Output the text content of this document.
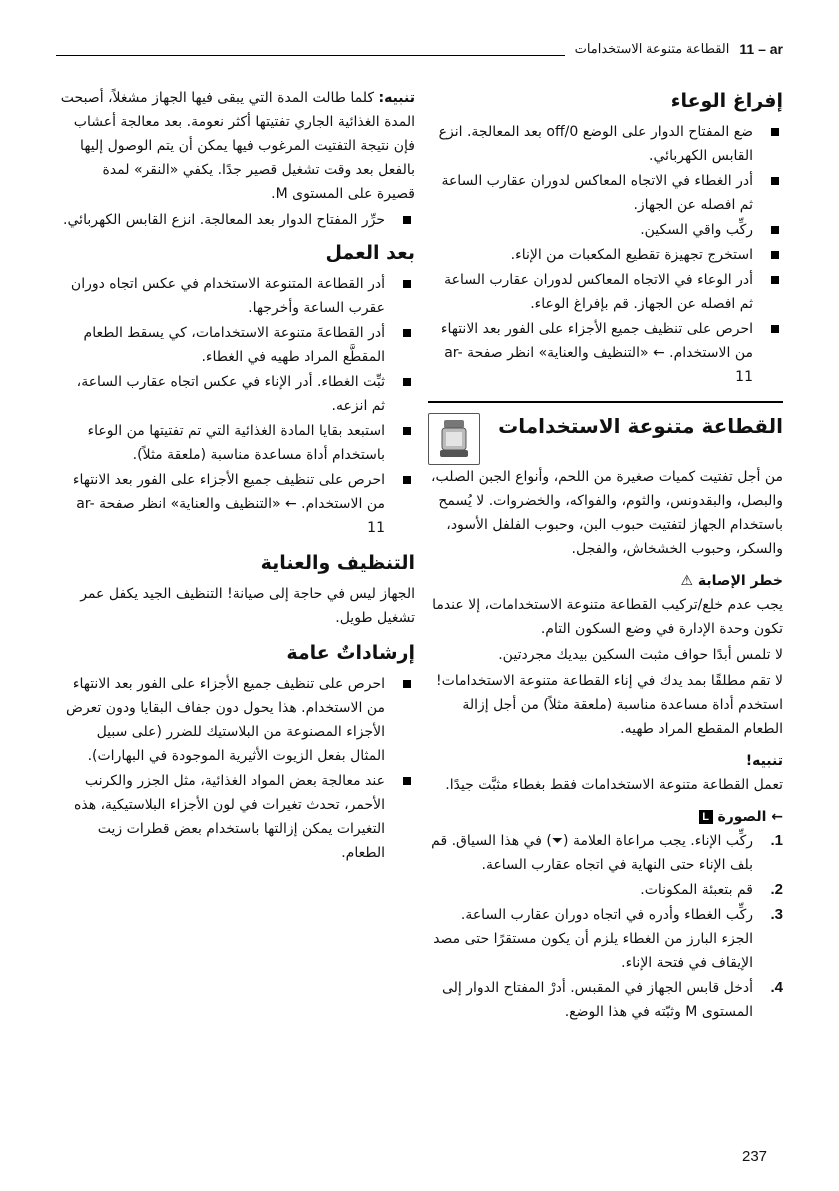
11 – ar
القطاعة متنوعة الاستخدامات
إفراغ الوعاء
ضع المفتاح الدوار على الوضع 0/off بعد المعالجة. انزع القابس الكهربائي.
أدر الغطاء في الاتجاه المعاكس لدوران عقارب الساعة ثم افصله عن الجهاز.
ركِّب واقي السكين.
استخرج تجهيزة تقطيع المكعبات من الإناء.
أدر الوعاء في الاتجاه المعاكس لدوران عقارب الساعة ثم افصله عن الجهاز. قم بإفراغ الوعاء.
احرص على تنظيف جميع الأجزاء على الفور بعد الانتهاء من الاستخدام. ← «التنظيف والعناية» انظر صفحة ar-11
القطاعة متنوعة الاستخدامات

من أجل تفتيت كميات صغيرة من اللحم، وأنواع الجبن الصلب، والبصل، والبقدونس، والثوم، والفواكه، والخضروات. لا يُسمح باستخدام الجهاز لتفتيت حبوب البن، وحبوب الفلفل الأسود، والسكر، وحبوب الخشخاش، والفجل.

خطر الإصابة ⚠

يجب عدم خلع/تركيب القطاعة متنوعة الاستخدامات، إلا عندما تكون وحدة الإدارة في وضع السكون التام.

لا تلمس أبدًا حواف مثبت السكين بيديك مجردتين.

لا تقم مطلقًا بمد يدك في إناء القطاعة متنوعة الاستخدامات! استخدم أداة مساعدة مناسبة (ملعقة مثلاً) من أجل إزالة الطعام المقطع المراد طهيه.

تنبيه!

تعمل القطاعة متنوعة الاستخدامات فقط بغطاء مثبَّت جيدًا.

← الصورة L
1.
ركِّب الإناء. يجب مراعاة العلامة (⏷) في هذا السياق. قم بلف الإناء حتى النهاية في اتجاه عقارب الساعة.
2.
قم بتعبئة المكونات.
3.
ركِّب الغطاء وأدره في اتجاه دوران عقارب الساعة. الجزء البارز من الغطاء يلزم أن يكون مستقرًا حتى مصد الإيقاف في فتحة الإناء.
4.
أدخل قابس الجهاز في المقبس. أدرْ المفتاح الدوار إلى المستوى M وثبّته في هذا الوضع.

تنبيه: كلما طالت المدة التي يبقى فيها الجهاز مشغلاً، أصبحت المدة الغذائية الجاري تفتيتها أكثر نعومة. بعد معالجة أعشاب فإن نتيجة التفتيت المرغوب فيها يمكن أن يتم الوصول إليها بالفعل بعد وقت تشغيل قصير جدًا. يكفي «النقر» لمدة قصيرة على المستوى M.

حرِّر المفتاح الدوار بعد المعالجة. انزع القابس الكهربائي.
بعد العمل
أدر القطاعة المتنوعة الاستخدام في عكس اتجاه دوران عقرب الساعة وأخرجها.
أدر القطاعةَ متنوعة الاستخدامات، كي يسقط الطعام المقطَّع المراد طهيه في الغطاء.
ثبِّت الغطاء. أدر الإناء في عكس اتجاه عقارب الساعة، ثم انزعه.
استبعد بقايا المادة الغذائية التي تم تفتيتها من الوعاء باستخدام أداة مساعدة مناسبة (ملعقة مثلاً).
احرص على تنظيف جميع الأجزاء على الفور بعد الانتهاء من الاستخدام. ← «التنظيف والعناية» انظر صفحة ar-11
التنظيف والعناية

الجهاز ليس في حاجة إلى صيانة! التنظيف الجيد يكفل عمر تشغيل طويل.

إرشاداتٌ عامة
احرص على تنظيف جميع الأجزاء على الفور بعد الانتهاء من الاستخدام. هذا يحول دون جفاف البقايا ودون تعرض الأجزاء المصنوعة من البلاستيك للضرر (على سبيل المثال بفعل الزيوت الأثيرية الموجودة في البهارات).
عند معالجة بعض المواد الغذائية، مثل الجزر والكرنب الأحمر، تحدث تغيرات في لون الأجزاء البلاستيكية، هذه التغيرات يمكن إزالتها باستخدام بعض قطرات زيت الطعام.
237
